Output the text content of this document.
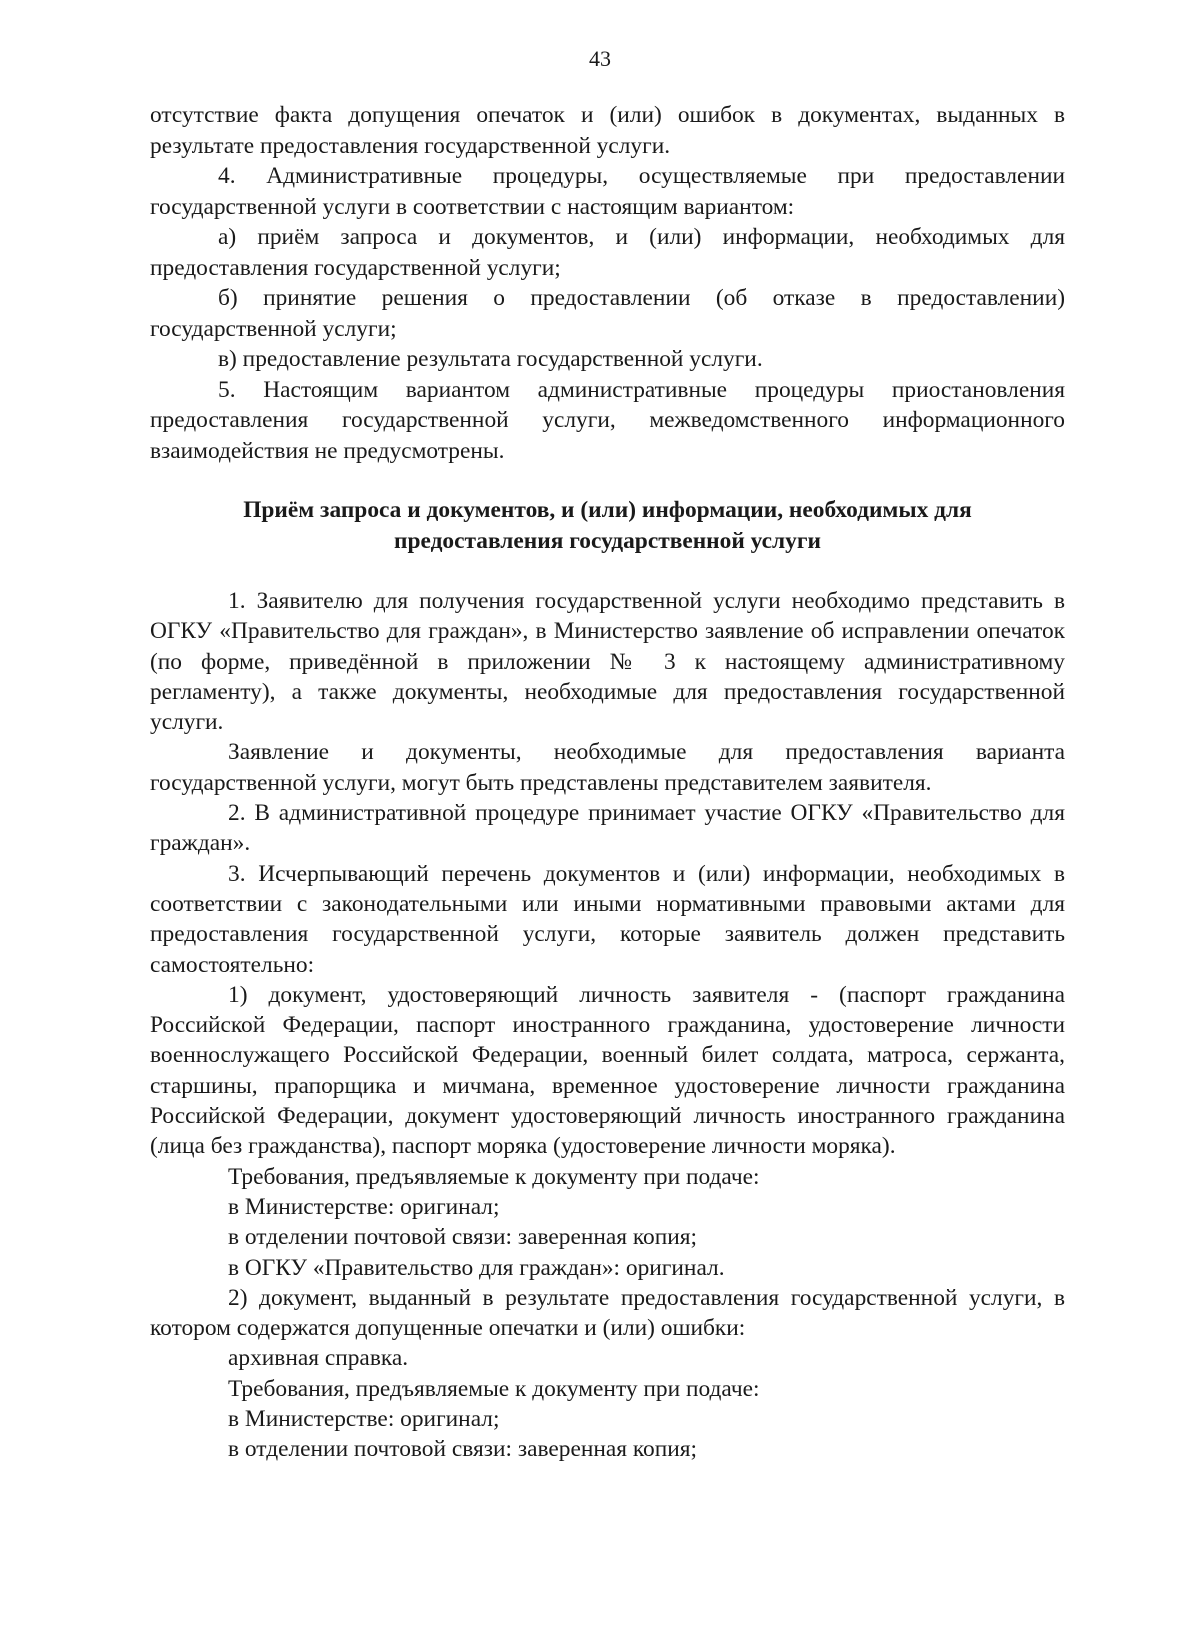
43

отсутствие факта допущения опечаток и (или) ошибок в документах, выданных в результате предоставления государственной услуги.

4. Административные процедуры, осуществляемые при предоставлении государственной услуги в соответствии с настоящим вариантом:

а) приём запроса и документов, и (или) информации, необходимых для предоставления государственной услуги;

б) принятие решения о предоставлении (об отказе в предоставлении) государственной услуги;

в) предоставление результата государственной услуги.

5. Настоящим вариантом административные процедуры приостановления предоставления государственной услуги, межведомственного информационного взаимодействия не предусмотрены.

Приём запроса и документов, и (или) информации, необходимых для
предоставления государственной услуги

1. Заявителю для получения государственной услуги необходимо представить в ОГКУ «Правительство для граждан», в Министерство заявление об исправлении опечаток (по форме, приведённой в приложении № 3 к настоящему административному регламенту), а также документы, необходимые для предоставления государственной услуги.

Заявление и документы, необходимые для предоставления варианта государственной услуги, могут быть представлены представителем заявителя.

2. В административной процедуре принимает участие ОГКУ «Правительство для граждан».

3. Исчерпывающий перечень документов и (или) информации, необходимых в соответствии с законодательными или иными нормативными правовыми актами для предоставления государственной услуги, которые заявитель должен представить самостоятельно:

1) документ, удостоверяющий личность заявителя - (паспорт гражданина Российской Федерации, паспорт иностранного гражданина, удостоверение личности военнослужащего Российской Федерации, военный билет солдата, матроса, сержанта, старшины, прапорщика и мичмана, временное удостоверение личности гражданина Российской Федерации, документ удостоверяющий личность иностранного гражданина (лица без гражданства), паспорт моряка (удостоверение личности моряка).

Требования, предъявляемые к документу при подаче:

в Министерстве: оригинал;

в отделении почтовой связи: заверенная копия;

в ОГКУ «Правительство для граждан»: оригинал.

2) документ, выданный в результате предоставления государственной услуги, в котором содержатся допущенные опечатки и (или) ошибки:

архивная справка.

Требования, предъявляемые к документу при подаче:

в Министерстве: оригинал;

в отделении почтовой связи: заверенная копия;
